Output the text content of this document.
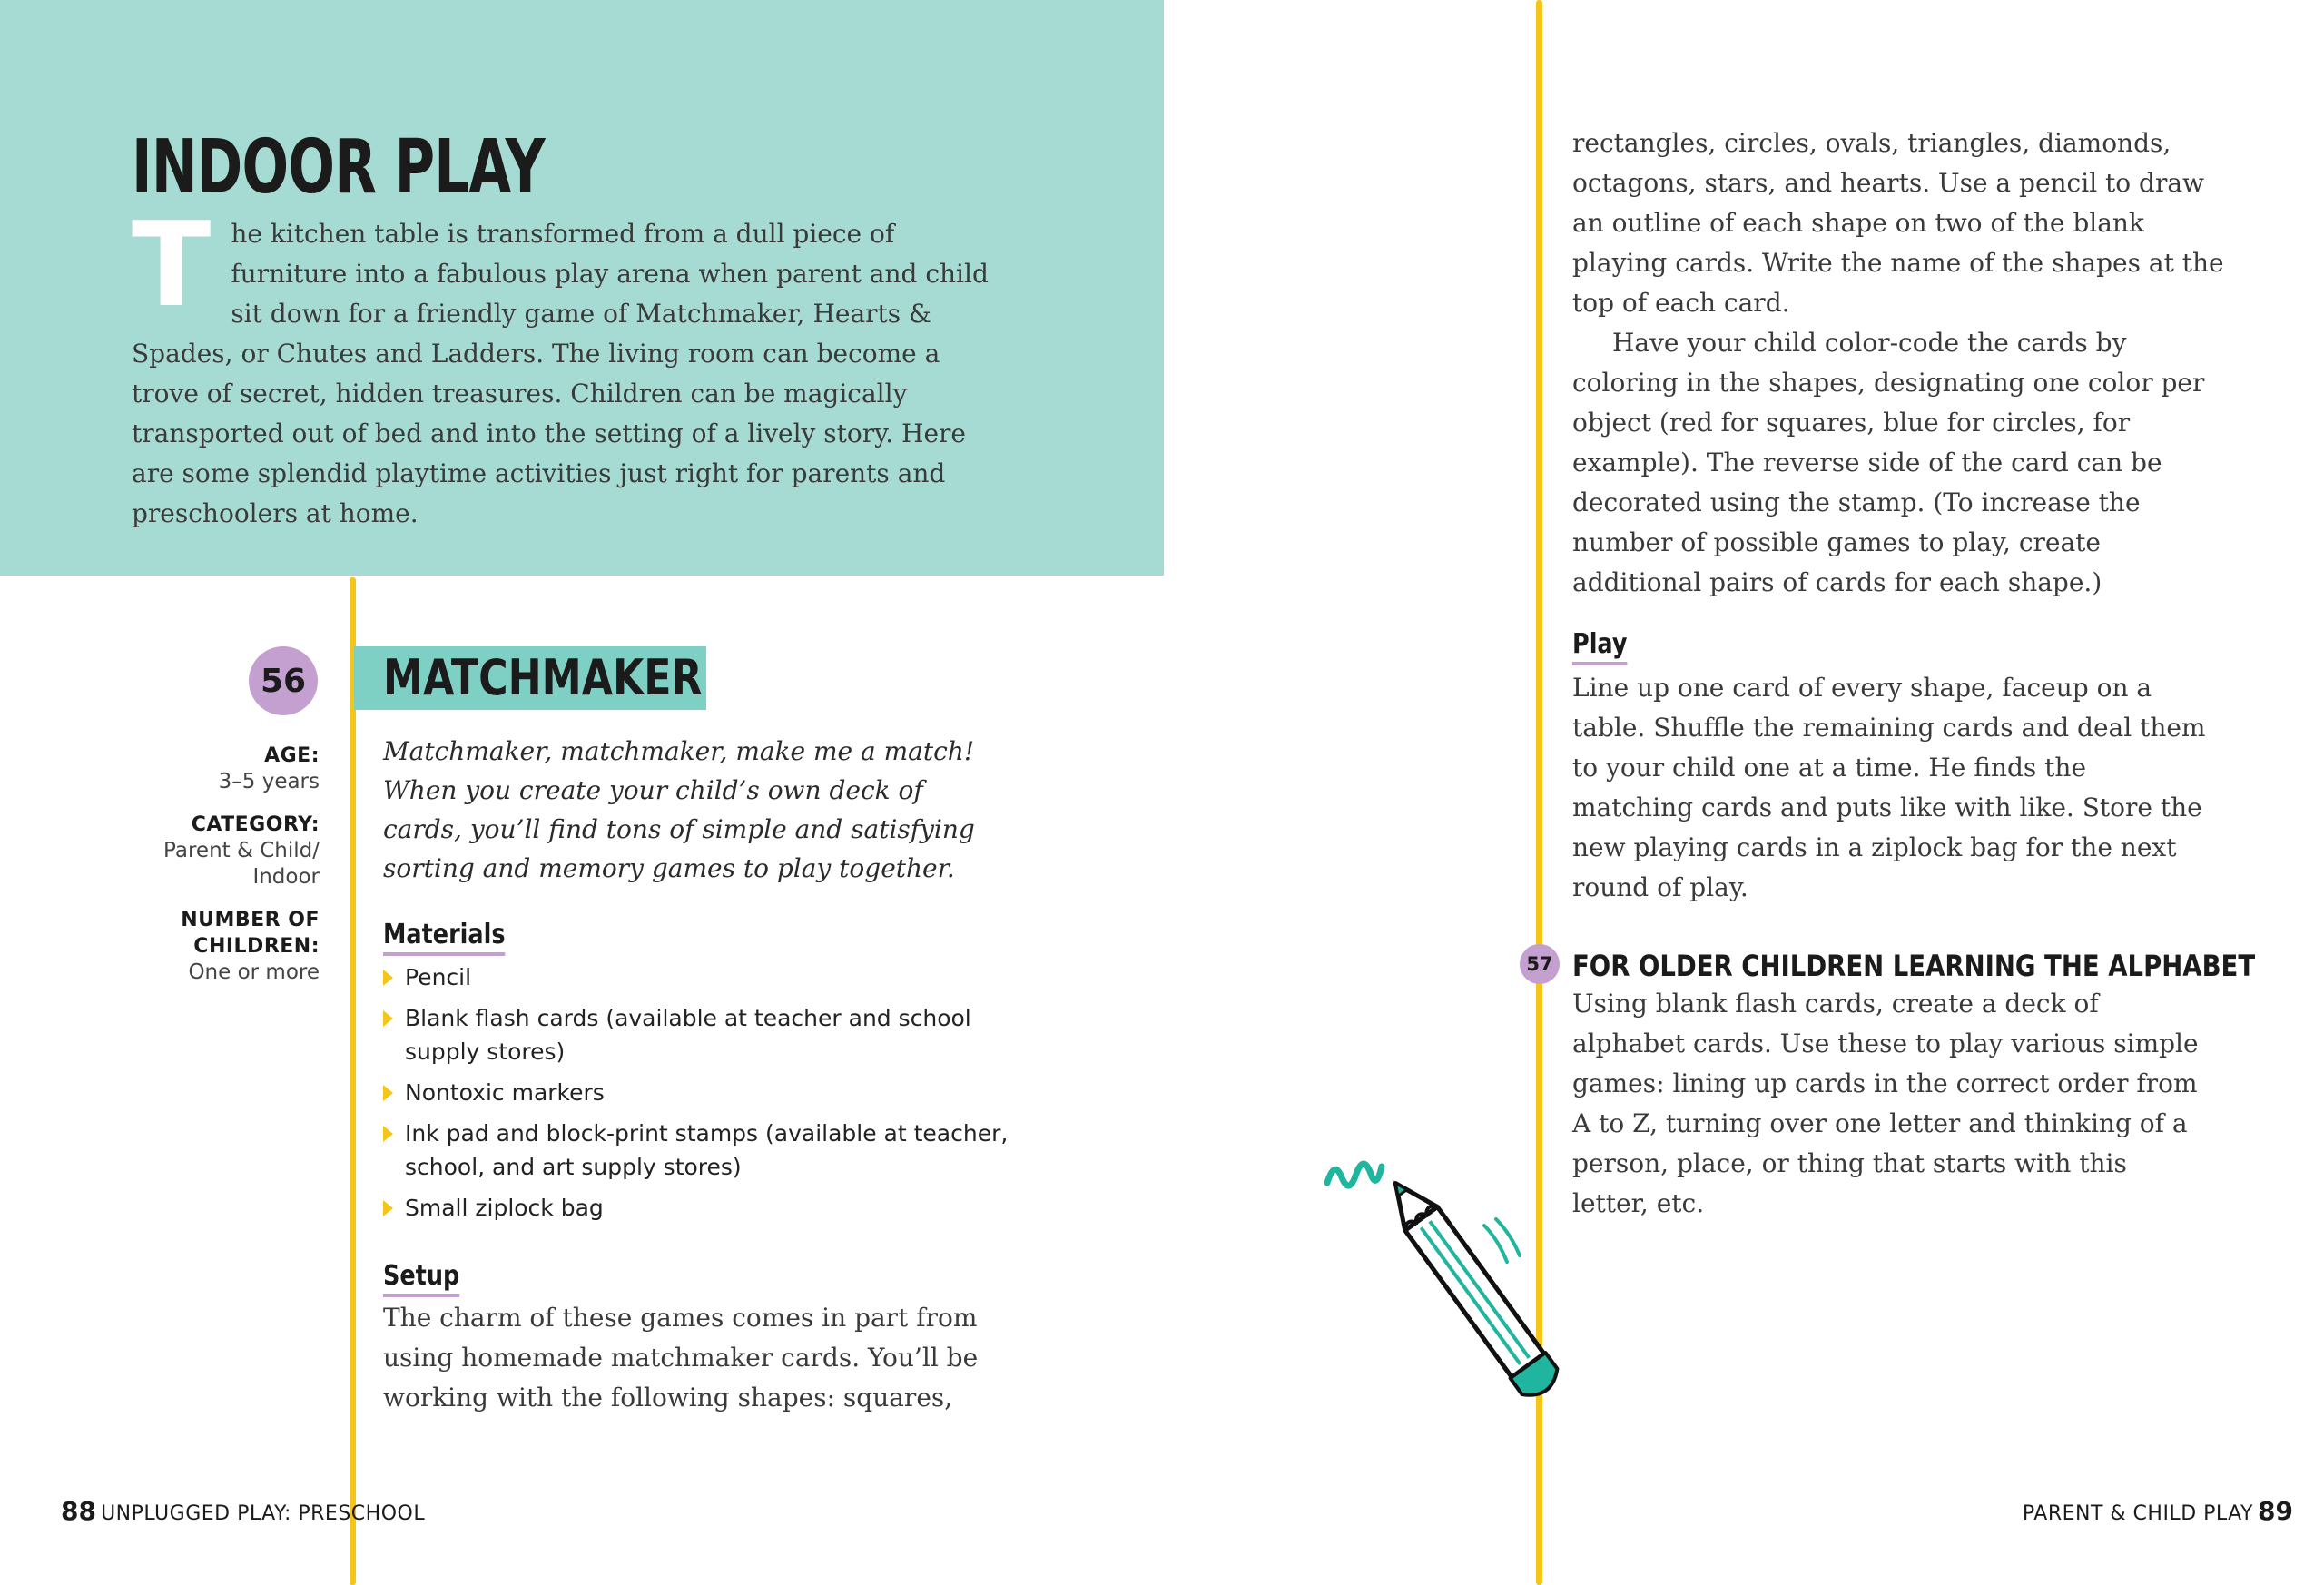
INDOOR PLAY
T he kitchen table is transformed from a dull piece of furniture into a fabulous play arena when parent and child sit down for a friendly game of Matchmaker, Hearts & Spades, or Chutes and Ladders. The living room can become a trove of secret, hidden treasures. Children can be magically transported out of bed and into the setting of a lively story. Here are some splendid playtime activities just right for parents and preschoolers at home.
56 MATCHMAKER
AGE:
3–5 years
CATEGORY:
Parent & Child/
Indoor
NUMBER OF
CHILDREN:
One or more
Matchmaker, matchmaker, make me a match! When you create your child’s own deck of cards, you’ll find tons of simple and satisfying sorting and memory games to play together.
Materials
Pencil
Blank flash cards (available at teacher and school supply stores)
Nontoxic markers
Ink pad and block-print stamps (available at teacher, school, and art supply stores)
Small ziplock bag
Setup
The charm of these games comes in part from using homemade matchmaker cards. You’ll be working with the following shapes: squares,
88 UNPLUGGED PLAY: PRESCHOOL
rectangles, circles, ovals, triangles, diamonds, octagons, stars, and hearts. Use a pencil to draw an outline of each shape on two of the blank playing cards. Write the name of the shapes at the top of each card.
Have your child color-code the cards by coloring in the shapes, designating one color per object (red for squares, blue for circles, for example). The reverse side of the card can be decorated using the stamp. (To increase the number of possible games to play, create additional pairs of cards for each shape.)
Play
Line up one card of every shape, faceup on a table. Shuffle the remaining cards and deal them to your child one at a time. He finds the matching cards and puts like with like. Store the new playing cards in a ziplock bag for the next round of play.
57 FOR OLDER CHILDREN LEARNING THE ALPHABET
Using blank flash cards, create a deck of alphabet cards. Use these to play various simple games: lining up cards in the correct order from A to Z, turning over one letter and thinking of a person, place, or thing that starts with this letter, etc.
PARENT & CHILD PLAY 89
